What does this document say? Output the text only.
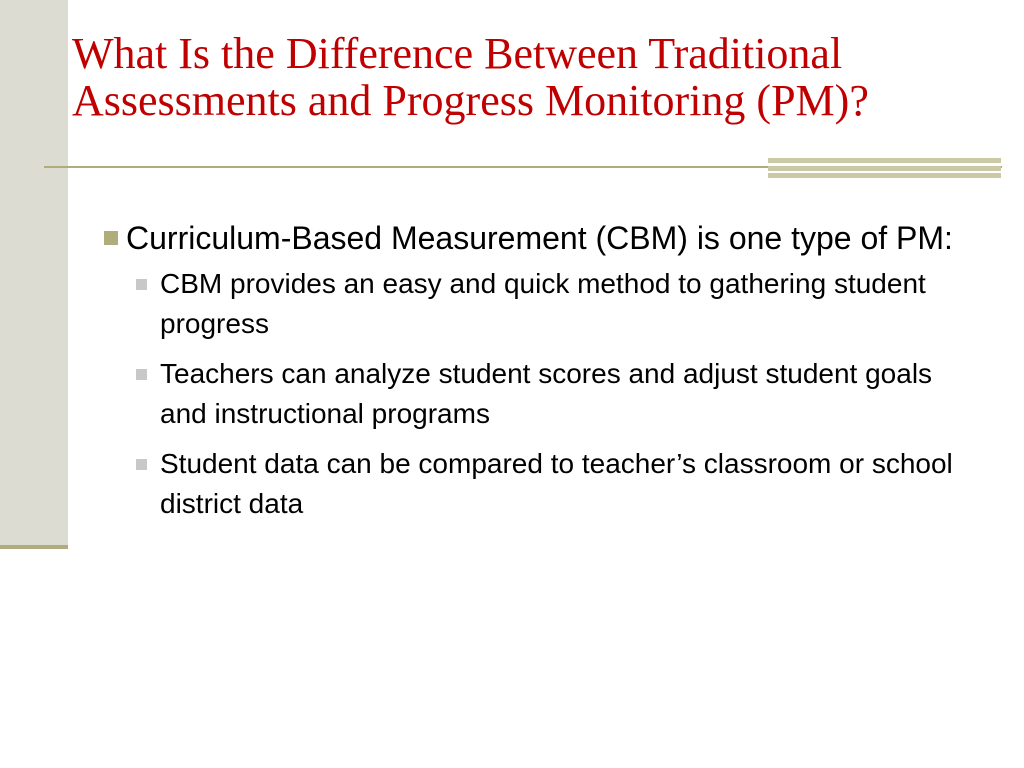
What Is the Difference Between Traditional
Assessments and Progress Monitoring (PM)?
Curriculum-Based Measurement (CBM) is one type of PM:
CBM provides an easy and quick method to gathering student progress
Teachers can analyze student scores and adjust student goals and instructional programs
Student data can be compared to teacher’s classroom or school district data
